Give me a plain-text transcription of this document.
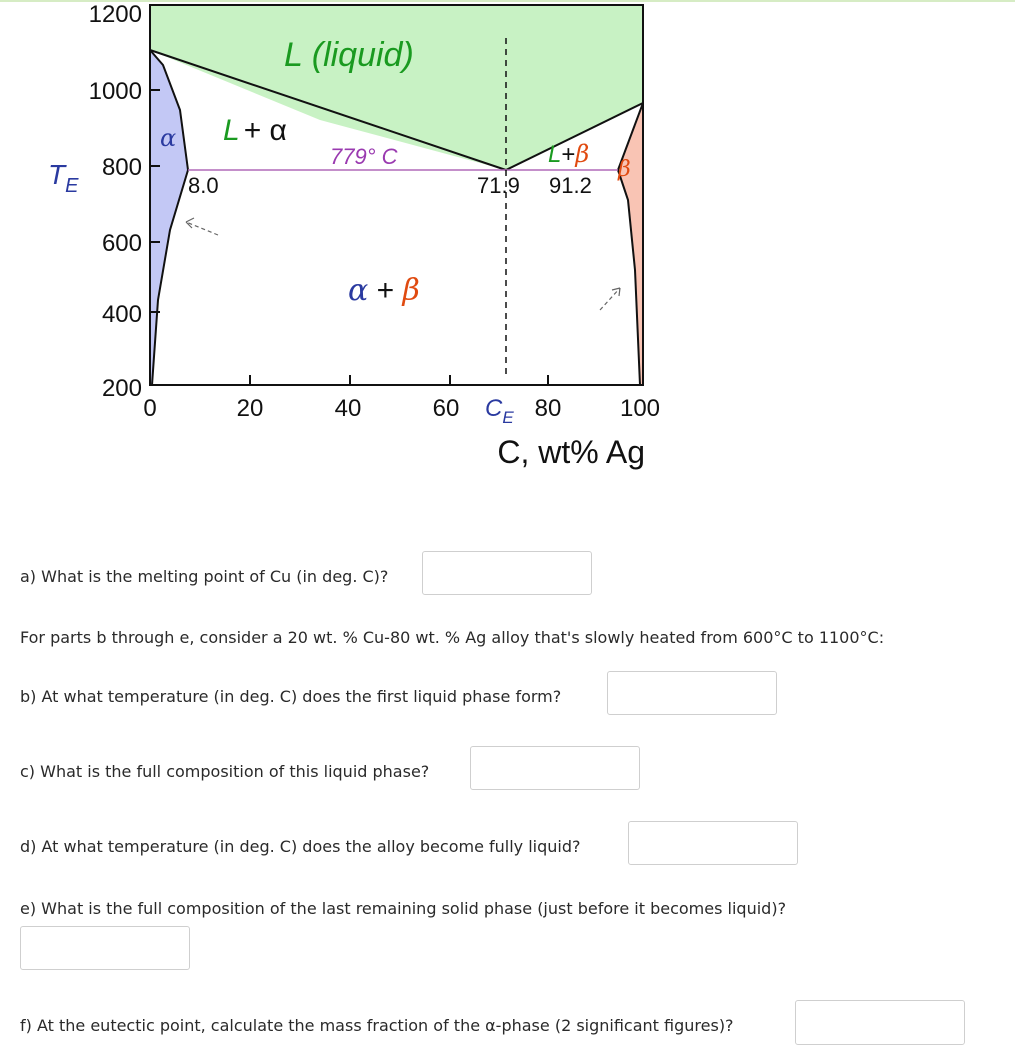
1200
1000
800
600
400
200
0	20	40	60	80 100
$T_E$
$C_E$
C, wt% Ag
L (liquid)
α L + α
α + β
L+β
β
779° C
8.0	71.9 91.2
a) What is the melting point of Cu (in deg. C)?
For parts b through e, consider a 20 wt. % Cu-80 wt. % Ag alloy that's slowly heated from 600°C to 1100°C:
b) At what temperature (in deg. C) does the first liquid phase form?
c) What is the full composition of this liquid phase?
d) At what temperature (in deg. C) does the alloy become fully liquid?
e) What is the full composition of the last remaining solid phase (just before it becomes liquid)?
f) At the eutectic point, calculate the mass fraction of the α-phase (2 significant figures)?
